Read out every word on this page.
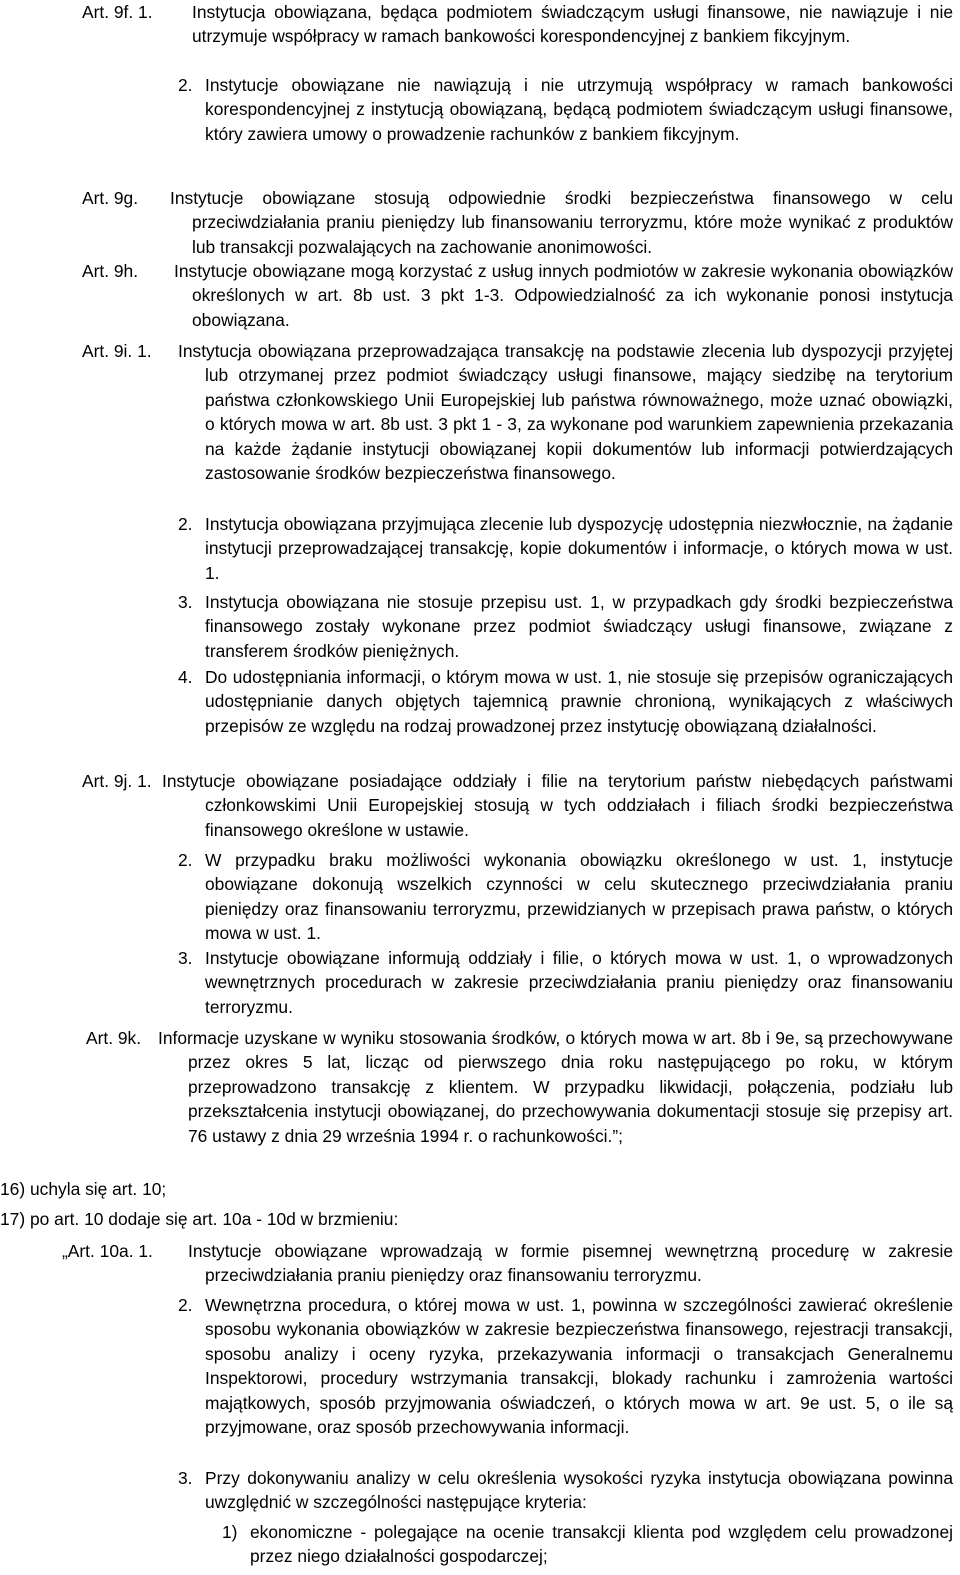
Art. 9f. 1. Instytucja obowiązana, będąca podmiotem świadczącym usługi finansowe, nie nawiązuje i nie utrzymuje współpracy w ramach bankowości korespondencyjnej z bankiem fikcyjnym.
2. Instytucje obowiązane nie nawiązują i nie utrzymują współpracy w ramach bankowości korespondencyjnej z instytucją obowiązaną, będącą podmiotem świadczącym usługi finansowe, który zawiera umowy o prowadzenie rachunków z bankiem fikcyjnym.
Art. 9g. Instytucje obowiązane stosują odpowiednie środki bezpieczeństwa finansowego w celu przeciwdziałania praniu pieniędzy lub finansowaniu terroryzmu, które może wynikać z produktów lub transakcji pozwalających na zachowanie anonimowości.
Art. 9h. Instytucje obowiązane mogą korzystać z usług innych podmiotów w zakresie wykonania obowiązków określonych w art. 8b ust. 3 pkt 1-3. Odpowiedzialność za ich wykonanie ponosi instytucja obowiązana.
Art. 9i. 1. Instytucja obowiązana przeprowadzająca transakcję na podstawie zlecenia lub dyspozycji przyjętej lub otrzymanej przez podmiot świadczący usługi finansowe, mający siedzibę na terytorium państwa członkowskiego Unii Europejskiej lub państwa równoważnego, może uznać obowiązki, o których mowa w art. 8b ust. 3 pkt 1 - 3, za wykonane pod warunkiem zapewnienia przekazania na każde żądanie instytucji obowiązanej kopii dokumentów lub informacji potwierdzających zastosowanie środków bezpieczeństwa finansowego.
2. Instytucja obowiązana przyjmująca zlecenie lub dyspozycję udostępnia niezwłocznie, na żądanie instytucji przeprowadzającej transakcję, kopie dokumentów i informacje, o których mowa w ust. 1.
3. Instytucja obowiązana nie stosuje przepisu ust. 1, w przypadkach gdy środki bezpieczeństwa finansowego zostały wykonane przez podmiot świadczący usługi finansowe, związane z transferem środków pieniężnych.
4. Do udostępniania informacji, o którym mowa w ust. 1, nie stosuje się przepisów ograniczających udostępnianie danych objętych tajemnicą prawnie chronioną, wynikających z właściwych przepisów ze względu na rodzaj prowadzonej przez instytucję obowiązaną działalności.
Art. 9j. 1. Instytucje obowiązane posiadające oddziały i filie na terytorium państw niebędących państwami członkowskimi Unii Europejskiej stosują w tych oddziałach i filiach środki bezpieczeństwa finansowego określone w ustawie.
2. W przypadku braku możliwości wykonania obowiązku określonego w ust. 1, instytucje obowiązane dokonują wszelkich czynności w celu skutecznego przeciwdziałania praniu pieniędzy oraz finansowaniu terroryzmu, przewidzianych w przepisach prawa państw, o których mowa w ust. 1.
3. Instytucje obowiązane informują oddziały i filie, o których mowa w ust. 1, o wprowadzonych wewnętrznych procedurach w zakresie przeciwdziałania praniu pieniędzy oraz finansowaniu terroryzmu.
Art. 9k. Informacje uzyskane w wyniku stosowania środków, o których mowa w art. 8b i 9e, są przechowywane przez okres 5 lat, licząc od pierwszego dnia roku następującego po roku, w którym przeprowadzono transakcję z klientem. W przypadku likwidacji, połączenia, podziału lub przekształcenia instytucji obowiązanej, do przechowywania dokumentacji stosuje się przepisy art. 76 ustawy z dnia 29 września 1994 r. o rachunkowości.”;
16) uchyla się art. 10;
17) po art. 10 dodaje się art. 10a - 10d w brzmieniu:
„Art. 10a. 1. Instytucje obowiązane wprowadzają w formie pisemnej wewnętrzną procedurę w zakresie przeciwdziałania praniu pieniędzy oraz finansowaniu terroryzmu.
2. Wewnętrzna procedura, o której mowa w ust. 1, powinna w szczególności zawierać określenie sposobu wykonania obowiązków w zakresie bezpieczeństwa finansowego, rejestracji transakcji, sposobu analizy i oceny ryzyka, przekazywania informacji o transakcjach Generalnemu Inspektorowi, procedury wstrzymania transakcji, blokady rachunku i zamrożenia wartości majątkowych, sposób przyjmowania oświadczeń, o których mowa w art. 9e ust. 5, o ile są przyjmowane, oraz sposób przechowywania informacji.
3. Przy dokonywaniu analizy w celu określenia wysokości ryzyka instytucja obowiązana powinna uwzględnić w szczególności następujące kryteria:
1) ekonomiczne - polegające na ocenie transakcji klienta pod względem celu prowadzonej przez niego działalności gospodarczej;
